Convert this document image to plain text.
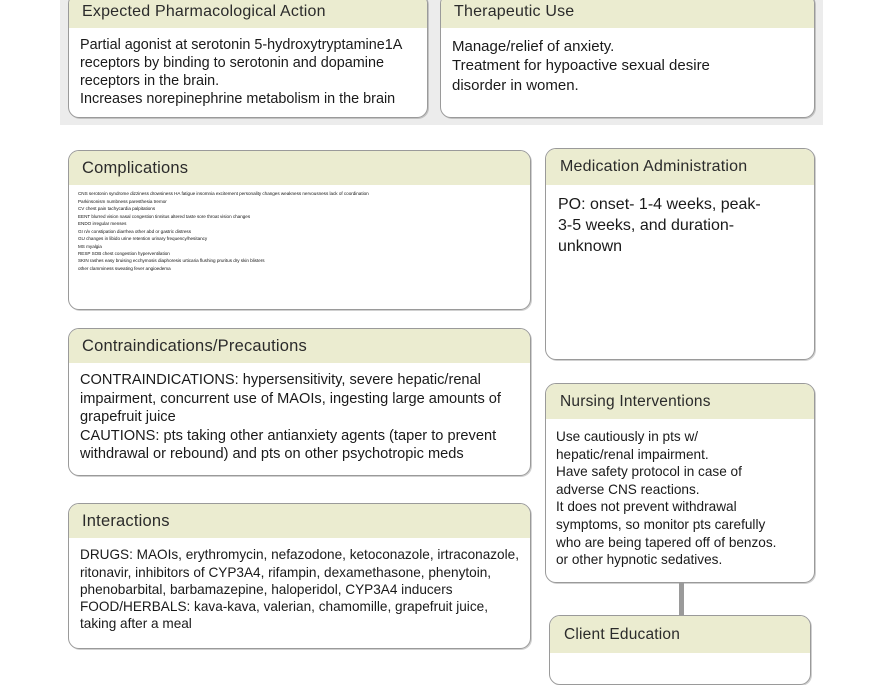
Expected Pharmacological Action

Partial agonist at serotonin 5-hydroxytryptamine1A

receptors by binding to serotonin and dopamine

receptors in the brain.

Increases norepinephrine metabolism in the brain

Therapeutic Use

Manage/relief of anxiety.

Treatment for hypoactive sexual desire

disorder in women.

Complications
CNS serotonin syndrome dizziness drowsiness HA fatigue insomnia excitement personality changes weakness nervousness lack of coordination
Parkinsonism numbness paresthesia tremor
CV chest pain tachycardia palpitations
EENT blurred vision nasal congestion tinnitus altered taste sore throat vision changes
ENDO irregular menses
GI n/v constipation diarrhea other abd or gastric distress
GU changes in libido urine retention urinary frequency/hesitancy
MS myalgia
RESP SOB chest congestion hyperventilation
SKIN rashes easy bruising ecchymosis diaphoresis urticaria flushing pruritus dry skin blisters
other clamminess sweating fever angioedema
Medication Administration

PO: onset- 1-4 weeks, peak-

3-5 weeks, and duration-

unknown

Contraindications/Precautions

CONTRAINDICATIONS: hypersensitivity, severe hepatic/renal

impairment, concurrent use of MAOIs, ingesting large amounts of

grapefruit juice

CAUTIONS: pts taking other antianxiety agents (taper to prevent

withdrawal or rebound) and pts on other psychotropic meds

Nursing Interventions

Use cautiously in pts w/

hepatic/renal impairment.

Have safety protocol in case of

adverse CNS reactions.

It does not prevent withdrawal

symptoms, so monitor pts carefully

who are being tapered off of benzos.

or other hypnotic sedatives.

Interactions

DRUGS: MAOIs, erythromycin, nefazodone, ketoconazole, irtraconazole,

ritonavir, inhibitors of CYP3A4, rifampin, dexamethasone, phenytoin,

phenobarbital, barbamazepine, haloperidol, CYP3A4 inducers

FOOD/HERBALS: kava-kava, valerian, chamomille, grapefruit juice,

taking after a meal

Client Education
